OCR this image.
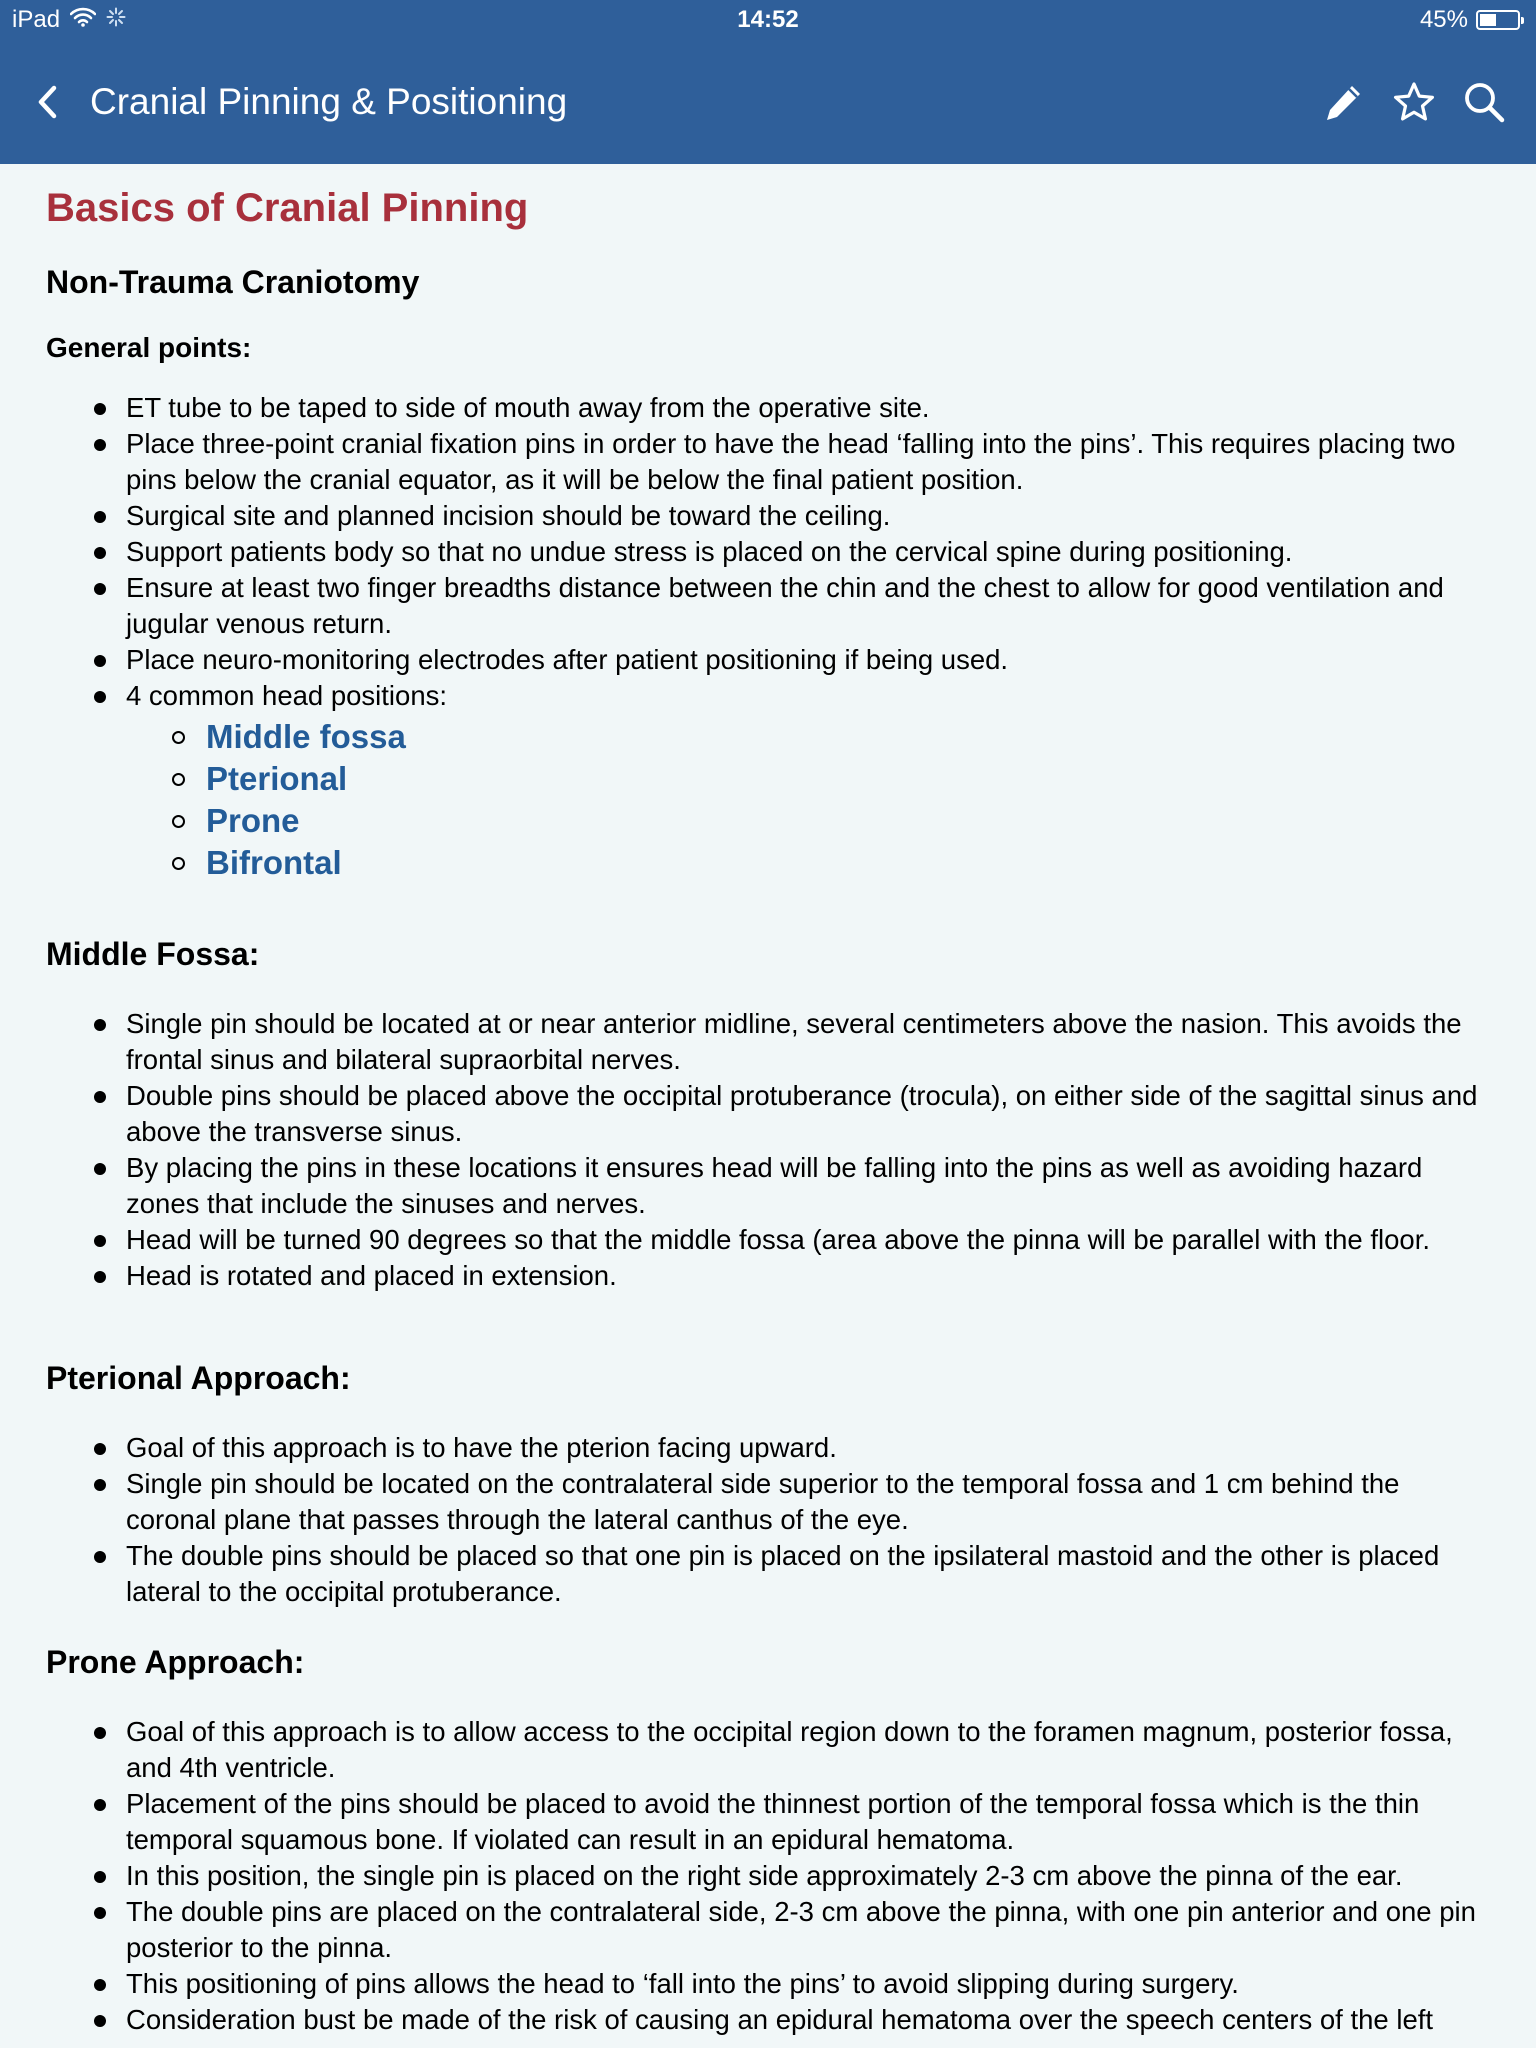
iPad	14:52	45%
Cranial Pinning & Positioning
Basics of Cranial Pinning
Non-Trauma Craniotomy
General points:
ET tube to be taped to side of mouth away from the operative site.
Place three-point cranial fixation pins in order to have the head ‘falling into the pins’. This requires placing two pins below the cranial equator, as it will be below the final patient position.
Surgical site and planned incision should be toward the ceiling.
Support patients body so that no undue stress is placed on the cervical spine during positioning.
Ensure at least two finger breadths distance between the chin and the chest to allow for good ventilation and jugular venous return.
Place neuro-monitoring electrodes after patient positioning if being used.
4 common head positions:
Middle fossa
Pterional
Prone
Bifrontal
Middle Fossa:
Single pin should be located at or near anterior midline, several centimeters above the nasion. This avoids the frontal sinus and bilateral supraorbital nerves.
Double pins should be placed above the occipital protuberance (trocula), on either side of the sagittal sinus and above the transverse sinus.
By placing the pins in these locations it ensures head will be falling into the pins as well as avoiding hazard zones that include the sinuses and nerves.
Head will be turned 90 degrees so that the middle fossa (area above the pinna will be parallel with the floor.
Head is rotated and placed in extension.
Pterional Approach:
Goal of this approach is to have the pterion facing upward.
Single pin should be located on the contralateral side superior to the temporal fossa and 1 cm behind the coronal plane that passes through the lateral canthus of the eye.
The double pins should be placed so that one pin is placed on the ipsilateral mastoid and the other is placed lateral to the occipital protuberance.
Prone Approach:
Goal of this approach is to allow access to the occipital region down to the foramen magnum, posterior fossa, and 4th ventricle.
Placement of the pins should be placed to avoid the thinnest portion of the temporal fossa which is the thin temporal squamous bone. If violated can result in an epidural hematoma.
In this position, the single pin is placed on the right side approximately 2-3 cm above the pinna of the ear.
The double pins are placed on the contralateral side, 2-3 cm above the pinna, with one pin anterior and one pin posterior to the pinna.
This positioning of pins allows the head to ‘fall into the pins’ to avoid slipping during surgery.
Consideration bust be made of the risk of causing an epidural hematoma over the speech centers of the left
